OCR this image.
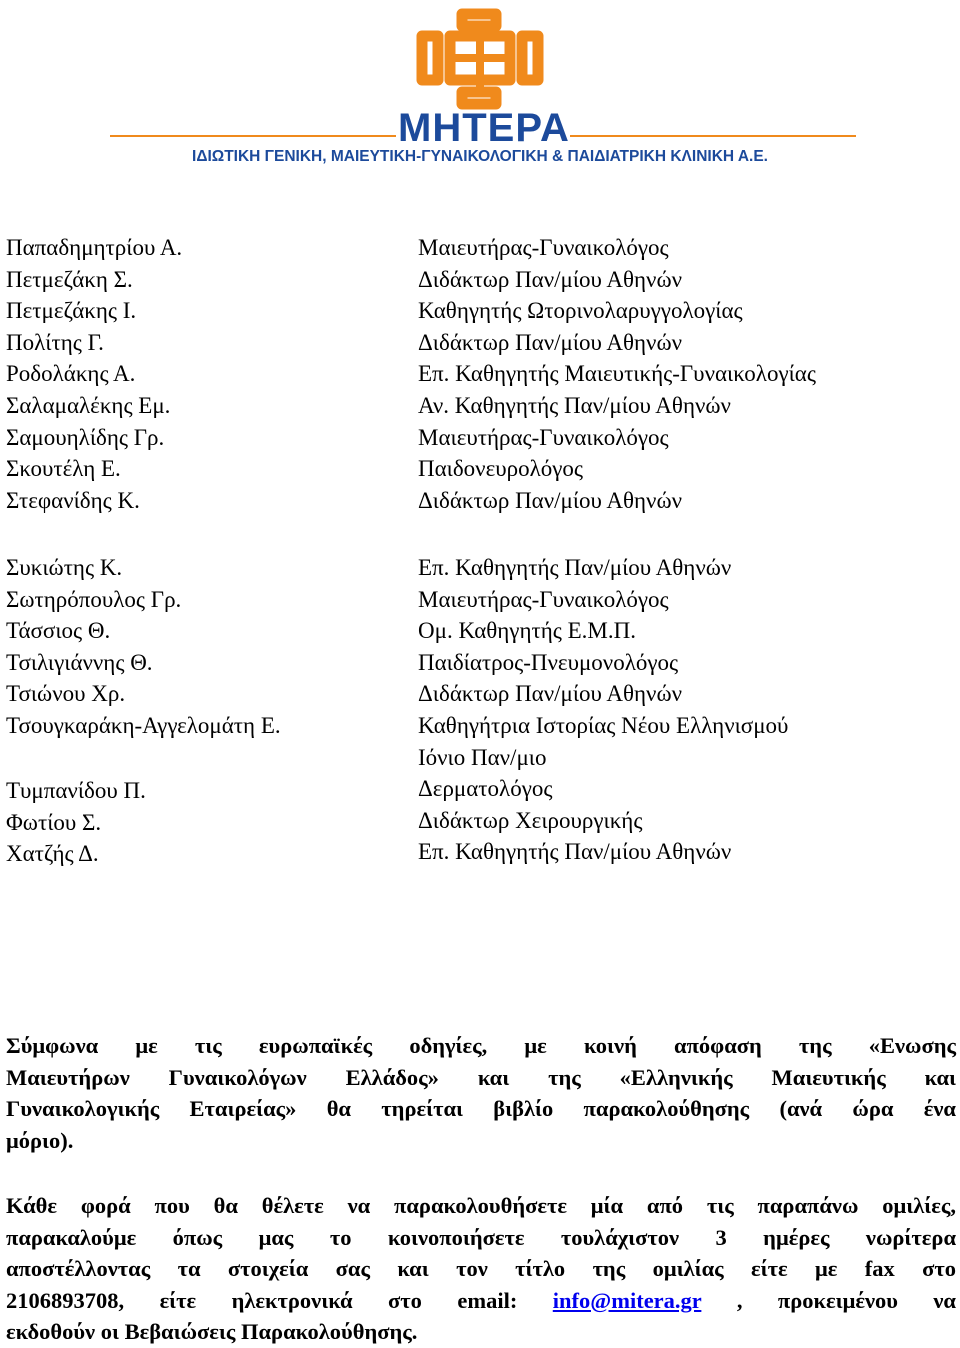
ΜΗΤΕΡΑ
ΙΔΙΩΤΙΚΗ ΓΕΝΙΚΗ, ΜΑΙΕΥΤΙΚΗ-ΓΥΝΑΙΚΟΛΟΓΙΚΗ & ΠΑΙΔΙΑΤΡΙΚΗ ΚΛΙΝΙΚΗ Α.Ε.
Παπαδημητρίου Α.
Πετμεζάκη Σ.
Πετμεζάκης Ι.
Πολίτης Γ.
Ροδολάκης Α.
Σαλαμαλέκης Εμ.
Σαμουηλίδης Γρ.
Σκουτέλη Ε.
Στεφανίδης Κ.
Συκιώτης Κ.
Σωτηρόπουλος Γρ.
Τάσσιος Θ.
Τσιλιγιάννης Θ.
Τσιώνου Χρ.
Τσουγκαράκη-Αγγελομάτη Ε.
Τυμπανίδου Π.
Φωτίου Σ.
Χατζής Δ.
Μαιευτήρας-Γυναικολόγος
Διδάκτωρ Παν/μίου Αθηνών
Καθηγητής Ωτορινολαρυγγολογίας
Διδάκτωρ Παν/μίου Αθηνών
Επ. Καθηγητής Μαιευτικής-Γυναικολογίας
Αν. Καθηγητής Παν/μίου Αθηνών
Μαιευτήρας-Γυναικολόγος
Παιδονευρολόγος
Διδάκτωρ Παν/μίου Αθηνών
Επ. Καθηγητής Παν/μίου Αθηνών
Μαιευτήρας-Γυναικολόγος
Ομ. Καθηγητής Ε.Μ.Π.
Παιδίατρος-Πνευμονολόγος
Διδάκτωρ Παν/μίου Αθηνών
Καθηγήτρια Ιστορίας Νέου Ελληνισμού
Ιόνιο Παν/μιο
Δερματολόγος
Διδάκτωρ Χειρουργικής
Επ. Καθηγητής Παν/μίου Αθηνών
Σύμφωνα με τις ευρωπαϊκές οδηγίες, με κοινή απόφαση της «Ενωσης
Μαιευτήρων Γυναικολόγων Ελλάδος» και της «Ελληνικής Μαιευτικής και
Γυναικολογικής Εταιρείας» θα τηρείται βιβλίο παρακολούθησης (ανά ώρα ένα
μόριο).
Κάθε φορά που θα θέλετε να παρακολουθήσετε μία από τις παραπάνω ομιλίες,
παρακαλούμε όπως μας το κοινοποιήσετε τουλάχιστον 3 ημέρες νωρίτερα
αποστέλλοντας τα στοιχεία σας και τον τίτλο της ομιλίας είτε με fax στο
2106893708, είτε ηλεκτρονικά στο email: info@mitera.gr , προκειμένου να
εκδοθούν οι Βεβαιώσεις Παρακολούθησης.
